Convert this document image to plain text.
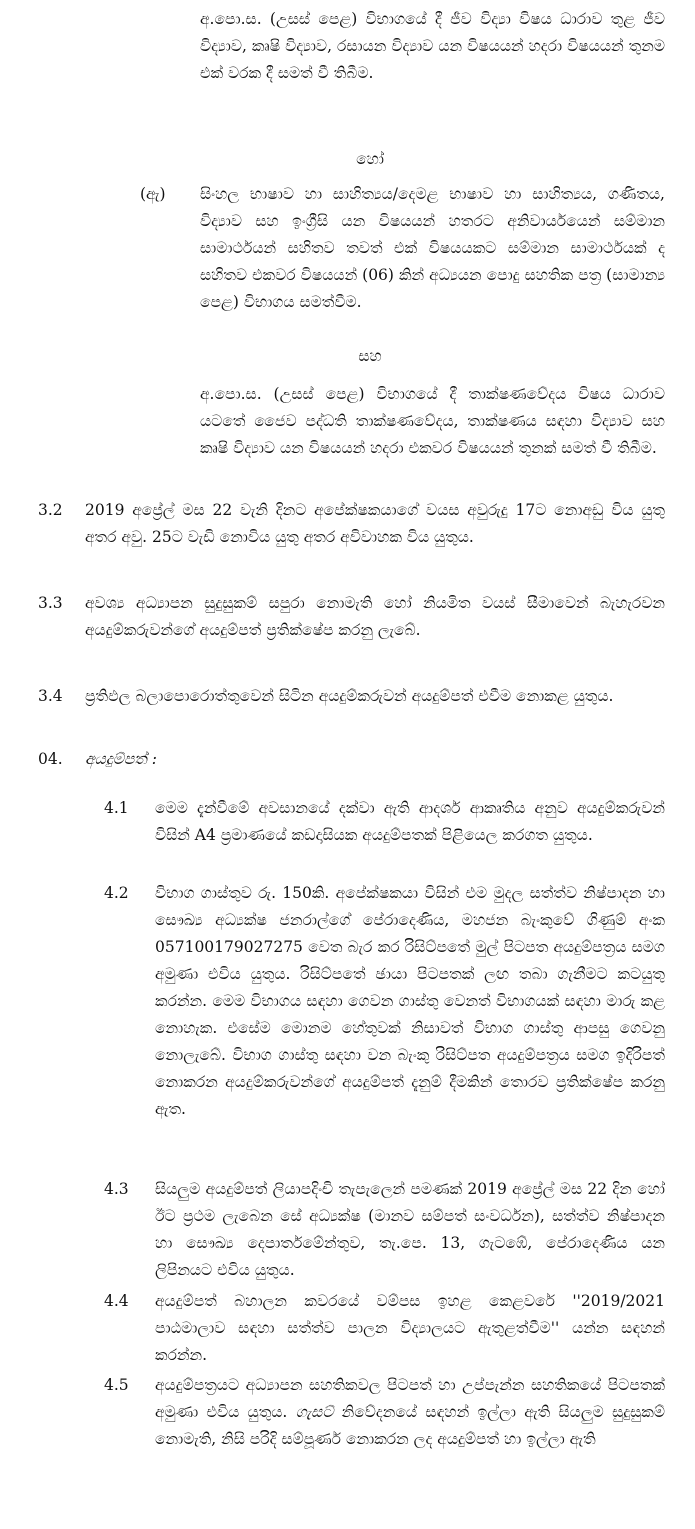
අ.පො.ස. (උසස් පෙළ) විභාගයේ දී ජීව විද්‍යා විෂය ධාරාව තුළ ජීව විද්‍යාව, කෘෂි විද්‍යාව, රසායන විද්‍යාව යන විෂයයන් හදරා විෂයයන් තුනම එක් වරක දී සමත් වී තිබීම.

හෝ
(ඇ) සිංහල භාෂාව හා සාහිත්‍යය/දෙමළ භාෂාව හා සාහිත්‍යය, ගණිතය, විද්‍යාව සහ ඉංග්‍රීසි යන විෂයයන් හතරට අනිවාර්යයෙන් සම්මාන සාමාර්ථයන් සහිතව තවත් එක් විෂයයකට සම්මාන සාමාර්ථයක් ද සහිතව එකවර විෂයයන් (06) කින් අධ්‍යයන පොදු සහතික පත්‍ර (සාමාන්‍ය පෙළ) විභාගය සමත්වීම.

සහ

අ.පො.ස. (උසස් පෙළ) විභාගයේ දී තාක්ෂණවේදය විෂය ධාරාව යටතේ ජෛව පද්ධති තාක්ෂණවේදය, තාක්ෂණය සඳහා විද්‍යාව සහ කෘෂි විද්‍යාව යන විෂයයන් හදරා එකවර විෂයයන් තුනක් සමත් වී තිබීම.

3.2 2019 අප්‍රේල් මස 22 වැනි දිනට අපේක්ෂකයාගේ වයස අවුරුදු 17ට නොඅඩු විය යුතු අතර අවු. 25ට වැඩි නොවිය යුතු අතර අවිවාහක විය යුතුය.

3.3 අවශ්‍ය අධ්‍යාපන සුදුසුකම් සපුරා නොමැති හෝ නියමිත වයස් සීමාවෙන් බැහැරවන අයදුම්කරුවන්ගේ අයදුම්පත් ප්‍රතික්ෂේප කරනු ලැබේ.

3.4 ප්‍රතිඵල බලාපොරොත්තුවෙන් සිටින අයදුම්කරුවන් අයදුම්පත් එවීම නොකළ යුතුය.

04. අයදුම්පත් :
4.1 මෙම දැන්වීමේ අවසානයේ දක්වා ඇති ආදර්ශ ආකෘතිය අනුව අයදුම්කරුවන් විසින් A4 ප්‍රමාණයේ කඩදාසියක අයදුම්පතක් පිළියෙල කරගත යුතුය.

4.2 විභාග ගාස්තුව රු. 150කි. අපේක්ෂකයා විසින් එම මුදල සත්ත්ව නිෂ්පාදන හා සෞඛ්‍ය අධ්‍යක්ෂ ජනරාල්ගේ පේරාදෙණිය, මහජන බැංකුවේ ගිණුම් අංක 057100179027275 වෙත බැර කර රිසිට්පතේ මුල් පිටපත අයදුම්පත්‍රය සමග අමුණා එවිය යුතුය. රිසිට්පතේ ඡායා පිටපතක් ලඟ තබා ගැනීමට කටයුතු කරන්න. මෙම විභාගය සඳහා ගෙවන ගාස්තු වෙනත් විභාගයක් සඳහා මාරු කළ නොහැක. එසේම මොනම හේතුවක් නිසාවත් විභාග ගාස්තු ආපසු ගෙවනු නොලැබේ. විභාග ගාස්තු සඳහා වන බැංකු රිසිට්පත අයදුම්පත්‍රය සමග ඉදිරිපත් නොකරන අයදුම්කරුවන්ගේ අයදුම්පත් දැනුම් දීමකින් තොරව ප්‍රතික්ෂේප කරනු ඇත.

4.3 සියලුම අයදුම්පත් ලියාපදිංචි තැපැලෙන් පමණක් 2019 අප්‍රේල් මස 22 දින හෝ ඊට ප්‍රථම ලැබෙන සේ අධ්‍යක්ෂ (මානව සම්පත් සංවර්ධන), සත්ත්ව නිෂ්පාදන හා සෞඛ්‍ය දෙපාර්තමේන්තුව, තැ.පෙ. 13, ගැටඹේ, පේරාදෙණිය යන ලිපිනයට එවිය යුතුය.

4.4 අයදුම්පත් බහාලන කවරයේ වම්පස ඉහළ කෙළවරේ ''2019/2021 පාඨමාලාව සඳහා සත්ත්ව පාලන විද්‍යාලයට ඇතුළත්වීම'' යන්න සඳහන් කරන්න.

4.5 අයදුම්පත්‍රයට අධ්‍යාපන සහතිකවල පිටපත් හා උප්පැන්න සහතිකයේ පිටපතක් අමුණා එවිය යුතුය. ගැසට් නිවේදනයේ සඳහන් ඉල්ලා ඇති සියලුම සුදුසුකම් නොමැති, නිසි පරිදි සම්පූර්ණ නොකරන ලද අයදුම්පත් හා ඉල්ලා ඇති
